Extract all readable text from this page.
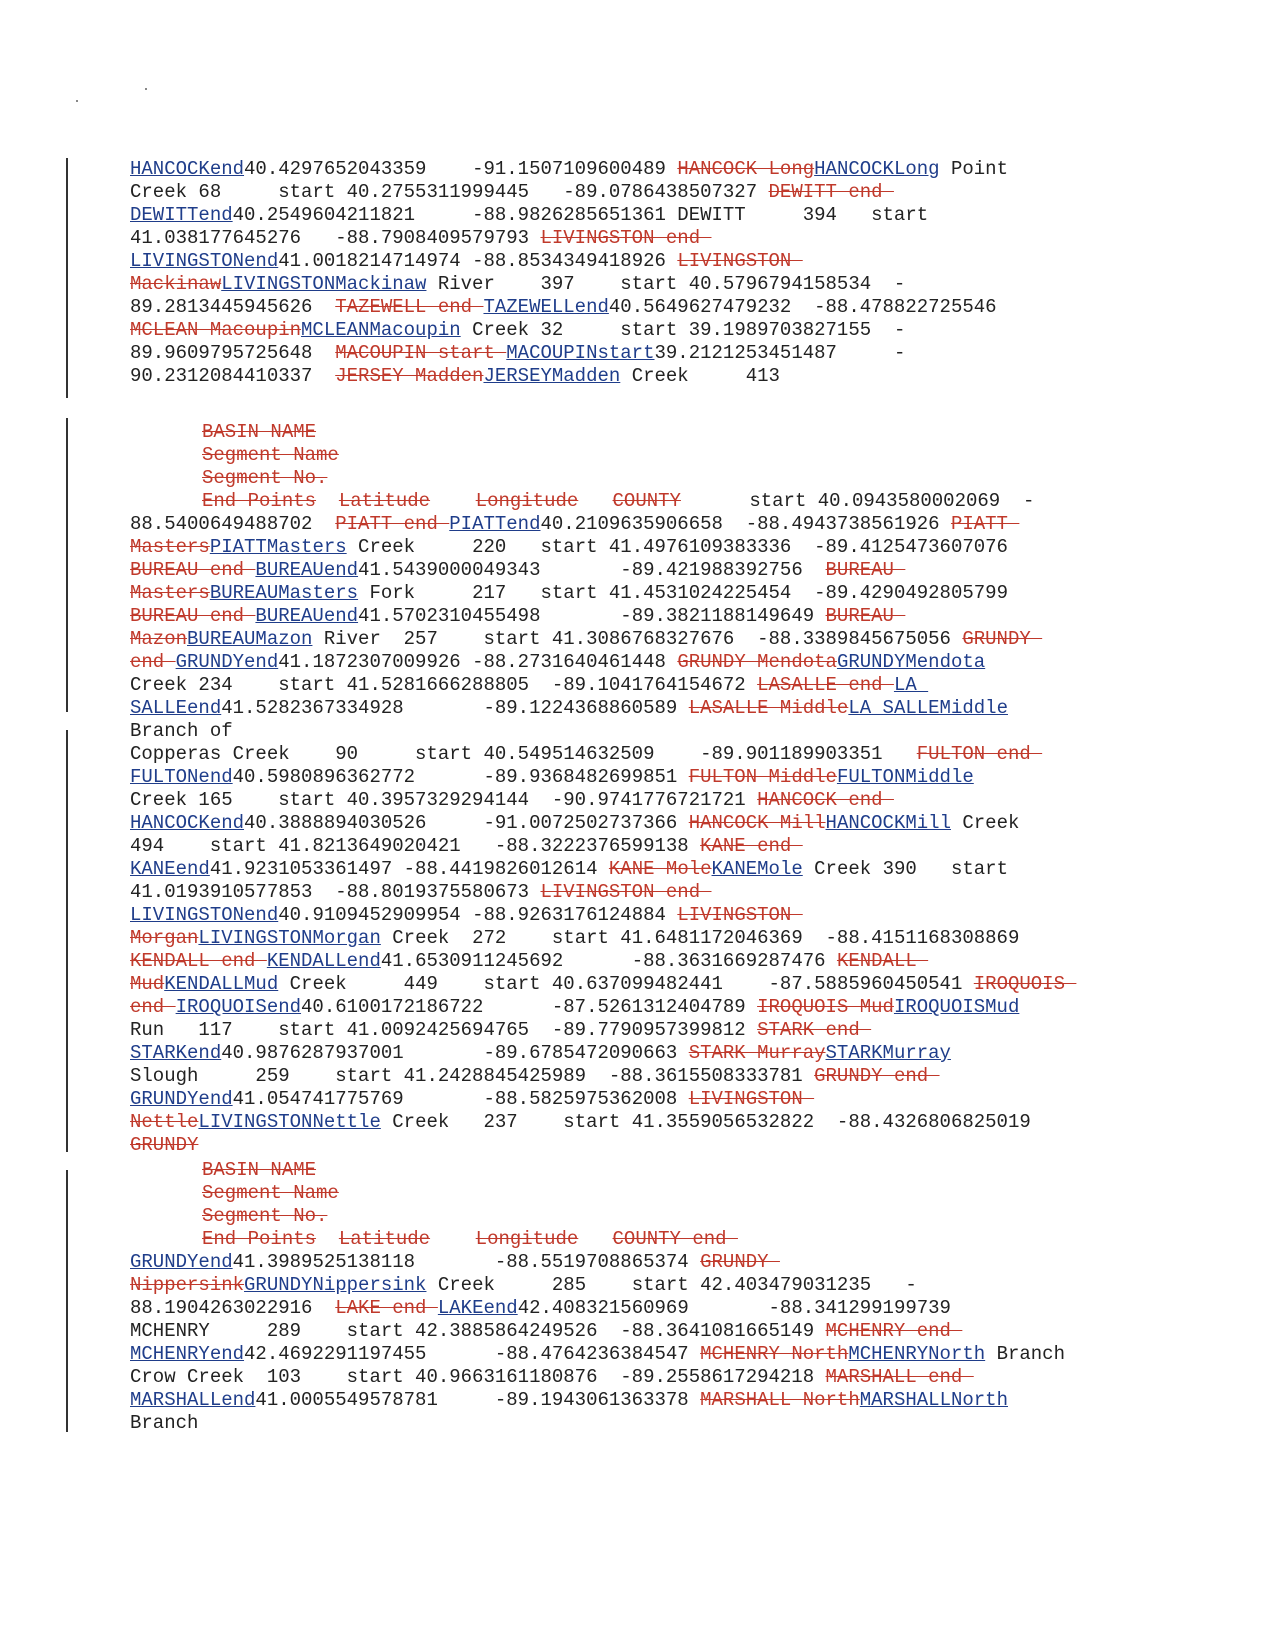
HANCOCKend40.4297652043359    -91.1507109600489 HANCOCK LongHANCOCKLong Point
Creek 68     start 40.2755311999445   -89.0786438507327 DEWITT end
DEWITTend40.2549604211821     -88.9826285651361 DEWITT     394   start
41.038177645276   -88.7908409579793 LIVINGSTON end
LIVINGSTONend41.0018214714974 -88.8534349418926 LIVINGSTON
MackinawLIVINGSTONMackinaw River    397    start 40.5796794158534  -
89.2813445945626  TAZEWELL end TAZEWELLend40.5649627479232  -88.478822725546
MCLEAN MacoupinMCLEANMacoupin Creek 32     start 39.1989703827155  -
89.9609795725648  MACOUPIN start MACOUPINstart39.2121253451487     -
90.2312084410337  JERSEY MaddenJERSEYMadden Creek     413
BASIN NAME
Segment Name
Segment No.
End Points Latitude Longitude COUNTY      start 40.0943580002069  -
88.5400649488702  PIATT end PIATTend40.2109635906658  -88.4943738561926 PIATT
MastersPIATTMasters Creek     220   start 41.4976109383336  -89.4125473607076
BUREAU end BUREAUend41.5439000049343       -89.421988392756  BUREAU
MastersBUREAUMasters Fork     217   start 41.4531024225454  -89.4290492805799
BUREAU end BUREAUend41.5702310455498       -89.3821188149649 BUREAU
MazonBUREAUMazon River  257    start 41.3086768327676  -88.3389845675056 GRUNDY
end GRUNDYend41.1872307009926 -88.2731640461448 GRUNDY MendotaGRUNDYMendota
Creek 234    start 41.5281666288805  -89.1041764154672 LASALLE end LA
SALLEend41.5282367334928       -89.1224368860589 LASALLE MiddleLA SALLEMiddle
Branch of
Copperas Creek    90     start 40.549514632509    -89.901189903351   FULTON end
FULTONend40.5980896362772      -89.9368482699851 FULTON MiddleFULTONMiddle
Creek 165    start 40.3957329294144  -90.9741776721721 HANCOCK end
HANCOCKend40.3888894030526     -91.0072502737366 HANCOCK MillHANCOCKMill Creek
494    start 41.8213649020421   -88.3222376599138 KANE end
KANEend41.9231053361497 -88.4419826012614 KANE MoleKANEMole Creek 390   start
41.0193910577853  -88.8019375580673 LIVINGSTON end
LIVINGSTONend40.9109452909954 -88.9263176124884 LIVINGSTON
MorganLIVINGSTONMorgan Creek  272    start 41.6481172046369  -88.4151168308869
KENDALL end KENDALLend41.6530911245692      -88.3631669287476 KENDALL
MudKENDALLMud Creek     449    start 40.637099482441    -87.5885960450541 IROQUOIS
end IROQUOISend40.6100172186722      -87.5261312404789 IROQUOIS MudIROQUOISMud
Run   117    start 41.0092425694765  -89.7790957399812 STARK end
STARKend40.9876287937001       -89.6785472090663 STARK MurraySTARKMurray
Slough     259    start 41.2428845425989  -88.3615508333781 GRUNDY end
GRUNDYend41.054741775769       -88.5825975362008 LIVINGSTON
NettleLIVINGSTONNettle Creek   237    start 41.3559056532822  -88.4326806825019
GRUNDY
BASIN NAME
Segment Name
Segment No.
End Points Latitude Longitude COUNTY end
GRUNDYend41.3989525138118       -88.5519708865374 GRUNDY
NippersinkGRUNDYNippersink Creek     285    start 42.403479031235   -
88.1904263022916  LAKE end LAKEend42.408321560969       -88.341299199739
MCHENRY     289    start 42.3885864249526  -88.3641081665149 MCHENRY end
MCHENRYend42.4692291197455      -88.4764236384547 MCHENRY NorthMCHENRYNorth Branch
Crow Creek  103    start 40.9663161180876  -89.2558617294218 MARSHALL end
MARSHALLend41.0005549578781     -89.1943061363378 MARSHALL NorthMARSHALLNorth
Branch
